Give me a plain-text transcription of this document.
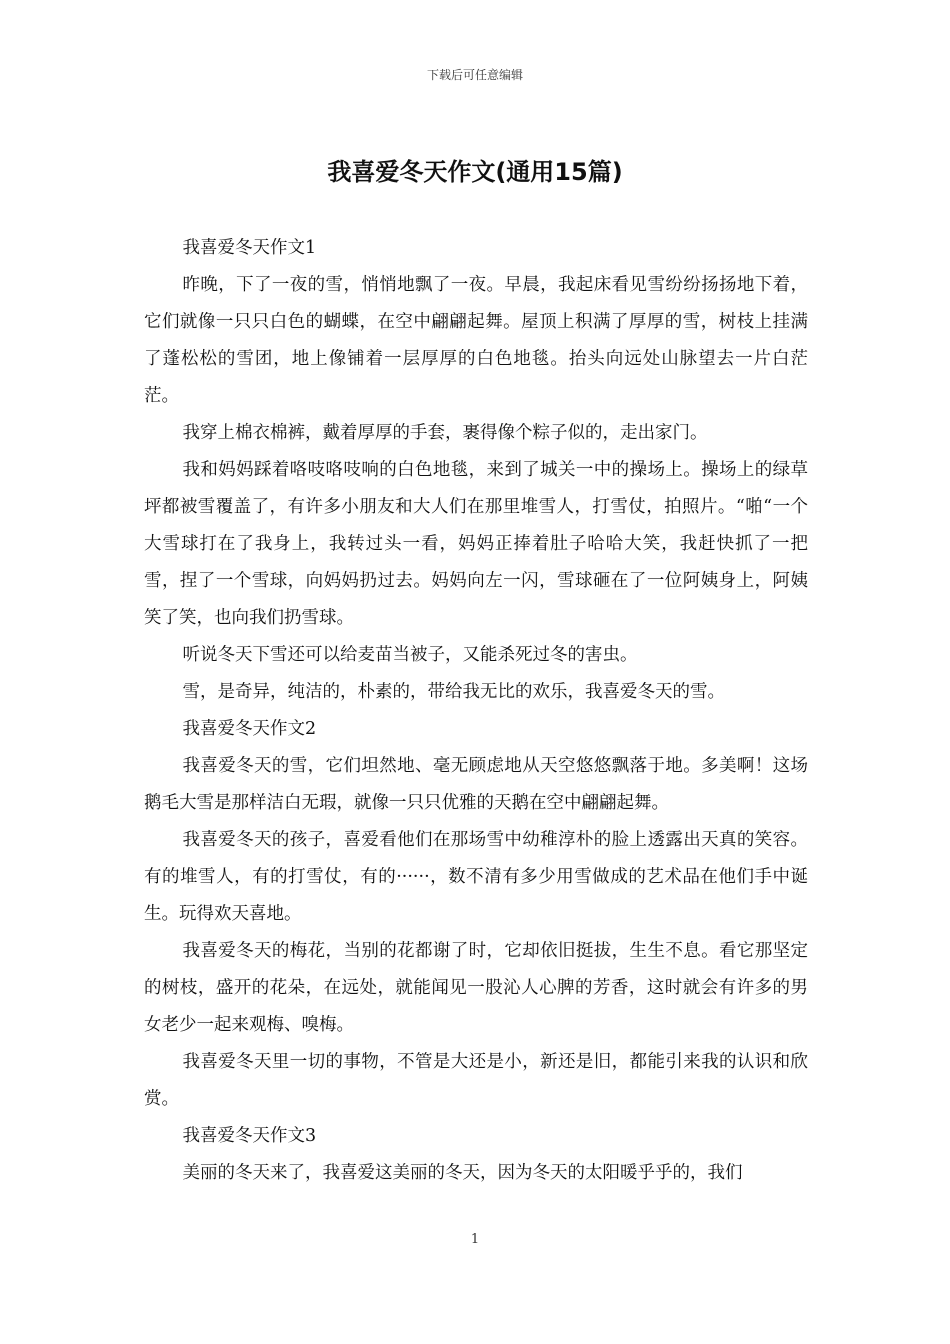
下载后可任意编辑
我喜爱冬天作文(通用15篇)

我喜爱冬天作文1

昨晚，下了一夜的雪，悄悄地飘了一夜。早晨，我起床看见雪纷纷扬扬地下着，它们就像一只只白色的蝴蝶，在空中翩翩起舞。屋顶上积满了厚厚的雪，树枝上挂满了蓬松松的雪团，地上像铺着一层厚厚的白色地毯。抬头向远处山脉望去一片白茫茫。

我穿上棉衣棉裤，戴着厚厚的手套，裹得像个粽子似的，走出家门。

我和妈妈踩着咯吱咯吱响的白色地毯，来到了城关一中的操场上。操场上的绿草坪都被雪覆盖了，有许多小朋友和大人们在那里堆雪人，打雪仗，拍照片。“啪“一个大雪球打在了我身上，我转过头一看，妈妈正捧着肚子哈哈大笑，我赶快抓了一把雪，捏了一个雪球，向妈妈扔过去。妈妈向左一闪，雪球砸在了一位阿姨身上，阿姨笑了笑，也向我们扔雪球。

听说冬天下雪还可以给麦苗当被子，又能杀死过冬的害虫。

雪，是奇异，纯洁的，朴素的，带给我无比的欢乐，我喜爱冬天的雪。

我喜爱冬天作文2

我喜爱冬天的雪，它们坦然地、毫无顾虑地从天空悠悠飘落于地。多美啊！这场鹅毛大雪是那样洁白无瑕，就像一只只优雅的天鹅在空中翩翩起舞。

我喜爱冬天的孩子，喜爱看他们在那场雪中幼稚淳朴的脸上透露出天真的笑容。有的堆雪人，有的打雪仗，有的······，数不清有多少用雪做成的艺术品在他们手中诞生。玩得欢天喜地。

我喜爱冬天的梅花，当别的花都谢了时，它却依旧挺拔，生生不息。看它那坚定的树枝，盛开的花朵，在远处，就能闻见一股沁人心脾的芳香，这时就会有许多的男女老少一起来观梅、嗅梅。

我喜爱冬天里一切的事物，不管是大还是小，新还是旧，都能引来我的认识和欣赏。

我喜爱冬天作文3

美丽的冬天来了，我喜爱这美丽的冬天，因为冬天的太阳暖乎乎的，我们

1
